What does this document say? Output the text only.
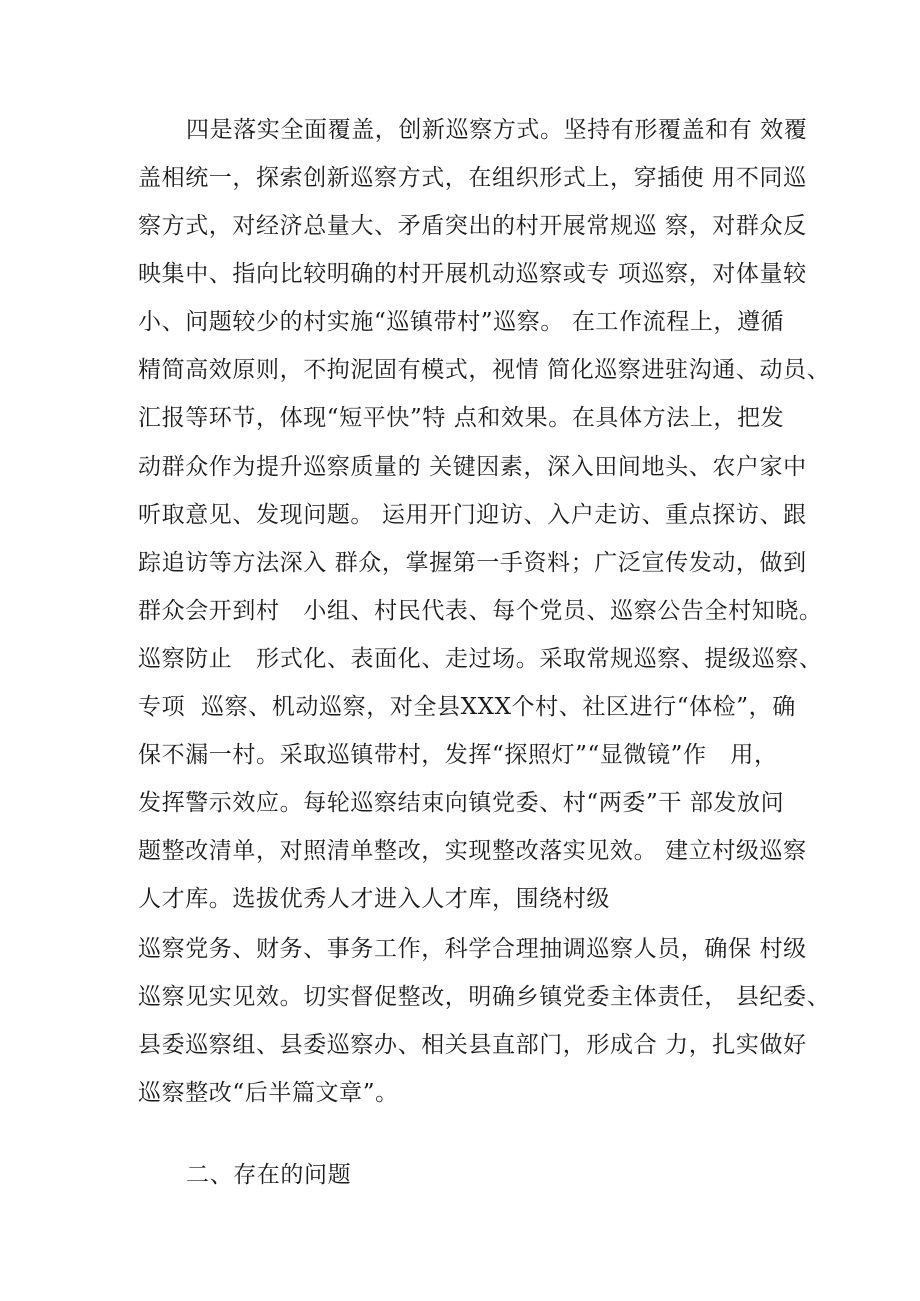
四是落实全面覆盖，创新巡察方式。坚持有形覆盖和有 效覆
盖相统一，探索创新巡察方式，在组织形式上，穿插使 用不同巡
察方式，对经济总量大、矛盾突出的村开展常规巡 察，对群众反
映集中、指向比较明确的村开展机动巡察或专 项巡察，对体量较
小、问题较少的村实施“巡镇带村”巡察。 在工作流程上，遵循
精简高效原则，不拘泥固有模式，视情 简化巡察进驻沟通、动员、
汇报等环节，体现“短平快”特 点和效果。在具体方法上，把发
动群众作为提升巡察质量的 关键因素，深入田间地头、农户家中
听取意见、发现问题。 运用开门迎访、入户走访、重点探访、跟
踪追访等方法深入 群众，掌握第一手资料；广泛宣传发动，做到
群众会开到村   小组、村民代表、每个党员、巡察公告全村知晓。
巡察防止   形式化、表面化、走过场。采取常规巡察、提级巡察、
专项  巡察、机动巡察，对全县XXX个村、社区进行“体检”，确
保不漏一村。采取巡镇带村，发挥“探照灯”“显微镜”作   用，
发挥警示效应。每轮巡察结束向镇党委、村“两委”干 部发放问
题整改清单，对照清单整改，实现整改落实见效。 建立村级巡察
人才库。选拔优秀人才进入人才库，围绕村级
巡察党务、财务、事务工作，科学合理抽调巡察人员，确保 村级
巡察见实见效。切实督促整改，明确乡镇党委主体责任， 县纪委、
县委巡察组、县委巡察办、相关县直部门，形成合 力，扎实做好
巡察整改“后半篇文章”。
二、存在的问题
